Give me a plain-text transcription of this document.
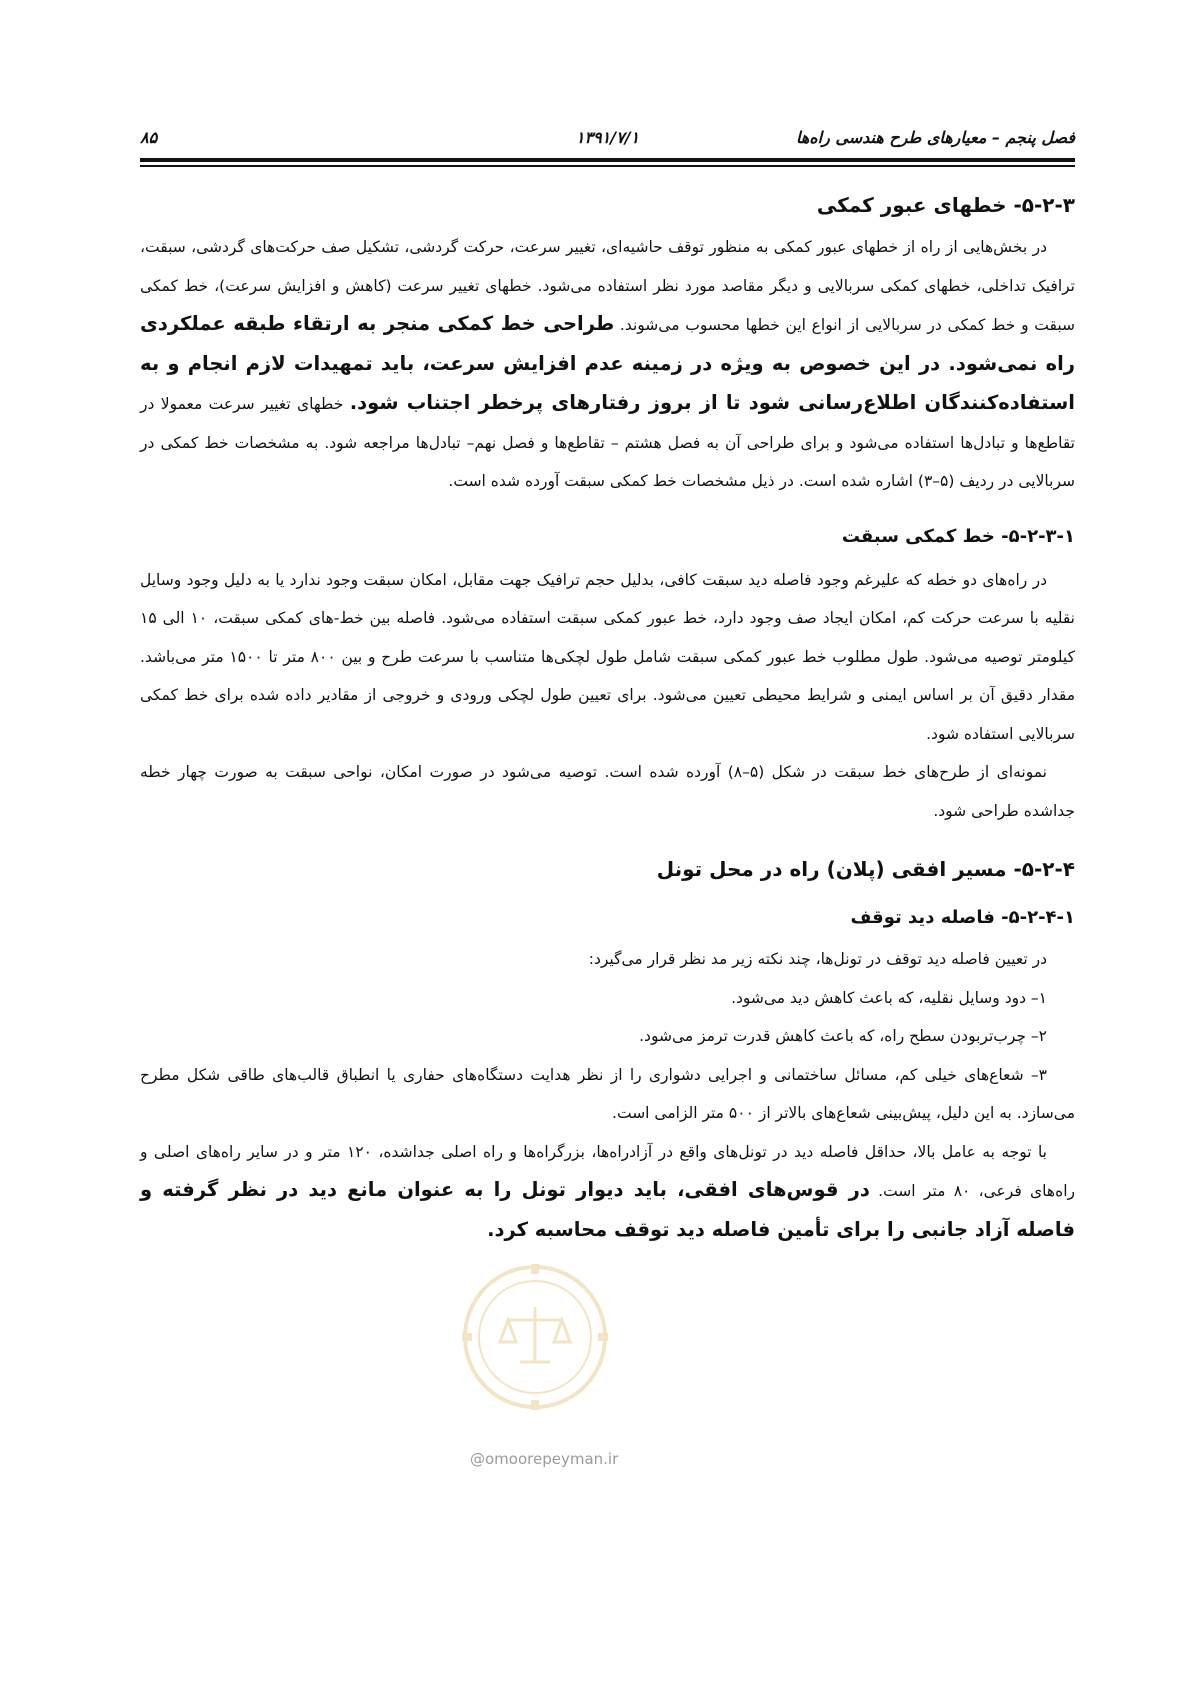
فصل پنجم – معیارهای طرح هندسی راه‌ها
۱۳۹۱/۷/۱
۸۵
۵-۲-۳- خطهای عبور کمکی

در بخش‌هایی از راه از خطهای عبور کمکی به منظور توقف حاشیه‌ای، تغییر سرعت، حرکت گردشی، تشکیل صف حرکت‌های گردشی، سبقت، ترافیک تداخلی، خطهای کمکی سربالایی و دیگر مقاصد مورد نظر استفاده می‌شود. خطهای تغییر سرعت (کاهش و افزایش سرعت)، خط کمکی سبقت و خط کمکی در سربالایی از انواع این خطها محسوب می‌شوند. طراحی خط کمکی منجر به ارتقاء طبقه عملکردی راه نمی‌شود. در این خصوص به ویژه در زمینه عدم افزایش سرعت، باید تمهیدات لازم انجام و به استفاده‌کنندگان اطلاع‌رسانی شود تا از بروز رفتارهای پرخطر اجتناب شود. خطهای تغییر سرعت معمولا در تقاطع‌ها و تبادل‌ها استفاده می‌شود و برای طراحی آن به فصل هشتم – تقاطع‌ها و فصل نهم– تبادل‌ها مراجعه شود. به مشخصات خط کمکی در سربالایی در ردیف (۵–۳) اشاره شده است. در ذیل مشخصات خط کمکی سبقت آورده شده است.

۵-۲-۳-۱- خط کمکی سبقت

در راه‌های دو خطه که علیرغم وجود فاصله دید سبقت کافی، بدلیل حجم ترافیک جهت مقابل، امکان سبقت وجود ندارد یا به دلیل وجود وسایل نقلیه با سرعت حرکت کم، امکان ایجاد صف وجود دارد، خط عبور کمکی سبقت استفاده می‌شود. فاصله بین خط-های کمکی سبقت، ۱۰ الی ۱۵ کیلومتر توصیه می‌شود. طول مطلوب خط عبور کمکی سبقت شامل طول لچکی‌ها متناسب با سرعت طرح و بین ۸۰۰ متر تا ۱۵۰۰ متر می‌باشد. مقدار دقیق آن بر اساس ایمنی و شرایط محیطی تعیین می‌شود. برای تعیین طول لچکی ورودی و خروجی از مقادیر داده شده برای خط کمکی سربالایی استفاده شود.

نمونه‌ای از طرح‌های خط سبقت در شکل (۵–۸) آورده شده است. توصیه می‌شود در صورت امکان، نواحی سبقت به صورت چهار خطه جداشده طراحی شود.

۵-۲-۴- مسیر افقی (پلان) راه در محل تونل
۵-۲-۴-۱- فاصله دید توقف

در تعیین فاصله دید توقف در تونل‌ها، چند نکته زیر مد نظر قرار می‌گیرد:

۱– دود وسایل نقلیه، که باعث کاهش دید می‌شود.

۲– چرب‌تربودن سطح راه، که باعث کاهش قدرت ترمز می‌شود.

۳– شعاع‌های خیلی کم، مسائل ساختمانی و اجرایی دشواری را از نظر هدایت دستگاه‌های حفاری یا انطباق قالب‌های طاقی شکل مطرح می‌سازد. به این دلیل، پیش‌بینی شعاع‌های بالاتر از ۵۰۰ متر الزامی است.

با توجه به عامل بالا، حداقل فاصله دید در تونل‌های واقع در آزادراه‌ها، بزرگراه‌ها و راه اصلی جداشده، ۱۲۰ متر و در سایر راه‌های اصلی و راه‌های فرعی، ۸۰ متر است. در قوس‌های افقی، باید دیوار تونل را به عنوان مانع دید در نظر گرفته و فاصله آزاد جانبی را برای تأمین فاصله دید توقف محاسبه کرد.

@omoorepeyman.ir
